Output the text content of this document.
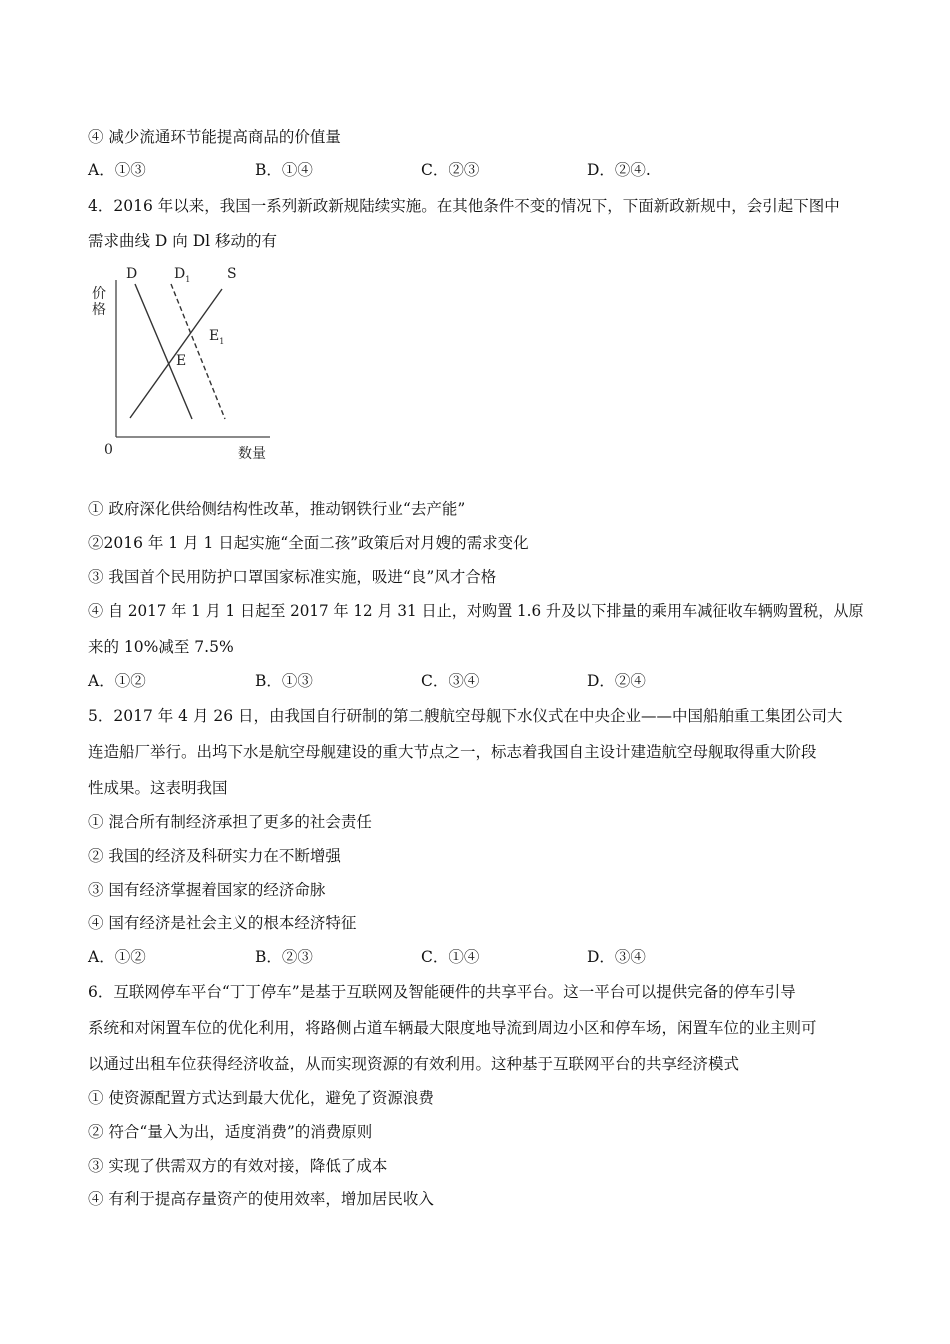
④ 减少流通环节能提高商品的价值量
A．①③	B．①④	C．②③	D．②④.
4．2016 年以来，我国一系列新政新规陆续实施。在其他条件不变的情况下，下面新政新规中，会引起下图中
需求曲线 D 向 Dl 移动的有
D	$D_1$	S
$E_1$
E
价
格
0	数量
① 政府深化供给侧结构性改革，推动钢铁行业“去产能”
②2016 年 1 月 1 日起实施“全面二孩”政策后对月嫂的需求变化
③ 我国首个民用防护口罩国家标准实施，吸进“良”风才合格
④ 自 2017 年 1 月 1 日起至 2017 年 12 月 31 日止，对购置 1.6 升及以下排量的乘用车减征收车辆购置税，从原
来的 10%减至 7.5%
A．①②	B．①③	C．③④	D．②④
5．2017 年 4 月 26 日，由我国自行研制的第二艘航空母舰下水仪式在中央企业——中国船舶重工集团公司大
连造船厂举行。出坞下水是航空母舰建设的重大节点之一，标志着我国自主设计建造航空母舰取得重大阶段
性成果。这表明我国
① 混合所有制经济承担了更多的社会责任
② 我国的经济及科研实力在不断增强
③ 国有经济掌握着国家的经济命脉
④ 国有经济是社会主义的根本经济特征
A．①②	B．②③	C．①④	D．③④
6．互联网停车平台“丁丁停车”是基于互联网及智能硬件的共享平台。这一平台可以提供完备的停车引导
系统和对闲置车位的优化利用，将路侧占道车辆最大限度地导流到周边小区和停车场，闲置车位的业主则可
以通过出租车位获得经济收益，从而实现资源的有效利用。这种基于互联网平台的共享经济模式
① 使资源配置方式达到最大优化，避免了资源浪费
② 符合“量入为出，适度消费”的消费原则
③ 实现了供需双方的有效对接，降低了成本
④ 有利于提高存量资产的使用效率，增加居民收入
